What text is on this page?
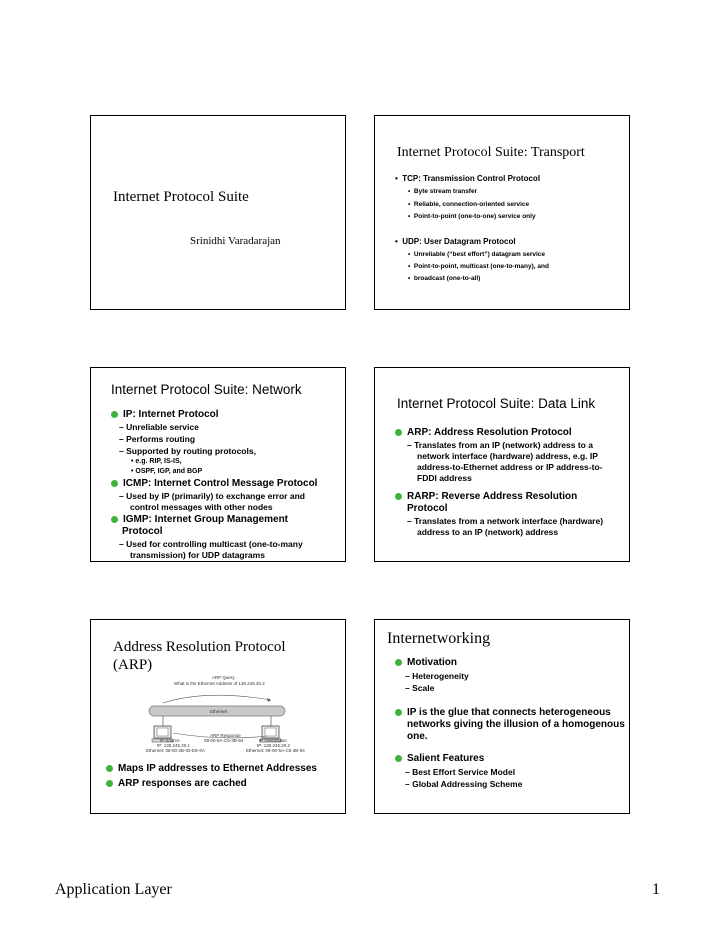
Internet Protocol Suite
Srinidhi Varadarajan
Internet Protocol Suite: Transport
•  TCP: Transmission Control Protocol
•  Byte stream transfer
•  Reliable, connection-oriented service
•  Point-to-point (one-to-one) service only
•  UDP: User Datagram Protocol
•  Unreliable (“best effort”) datagram service
•  Point-to-point, multicast (one-to-many), and
•  broadcast (one-to-all)
Internet Protocol Suite: Network
IP: Internet Protocol
– Unreliable service
– Performs routing
– Supported by routing protocols,
• e.g. RIP, IS-IS,
• OSPF, IGP, and BGP
ICMP: Internet Control Message Protocol
– Used by IP (primarily) to exchange error and
control messages with other nodes
IGMP: Internet Group Management
Protocol
– Used for controlling multicast (one-to-many
transmission) for UDP datagrams
Internet Protocol Suite: Data Link
ARP: Address Resolution Protocol
– Translates from an IP (network) address to a
network interface (hardware) address, e.g. IP
address-to-Ethernet address or IP address-to-
FDDI address
RARP: Reverse Address Resolution
Protocol
– Translates from a network interface (hardware)
address to an IP (network) address
Address Resolution Protocol
(ARP)
ARP Query
What is the Ethernet Address of 130.245.20.2
Ethernet
ARP Response
08-00-5A-C5-3B-94
IP Source
IP: 130.245.20.1
Ethernet: 08-00-2B-00-EE-0A
IP Destination
IP: 130.245.20.2
Ethernet: 08-00-5A-C5-3B-94
Maps IP addresses to Ethernet Addresses
ARP responses are cached
Internetworking
Motivation
– Heterogeneity
– Scale
IP is the glue that connects heterogeneous
networks giving the illusion of a homogenous
one.
Salient Features
– Best Effort Service Model
– Global Addressing Scheme
Application Layer	1
